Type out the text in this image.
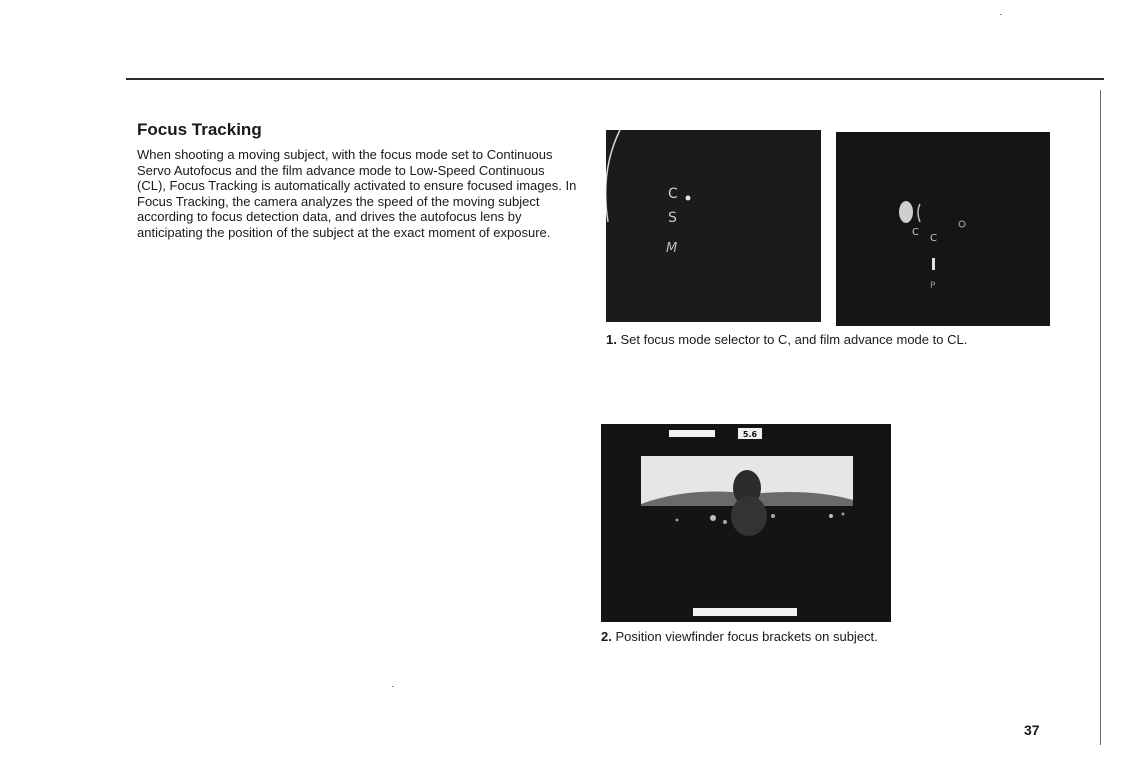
Focus Tracking

When shooting a moving subject, with the focus mode set to Continuous Servo Autofocus and the film advance mode to Low-Speed Continuous (CL), Focus Tracking is automatically activated to ensure focused images. In Focus Tracking, the camera analyzes the speed of the moving subject according to focus detection data, and drives the autofocus lens by anticipating the position of the subject at the exact moment of exposure.

C
S
M
C
C
P

1. Set focus mode selector to C, and film advance mode to CL.

5.6

2. Position viewfinder focus brackets on subject.

37
